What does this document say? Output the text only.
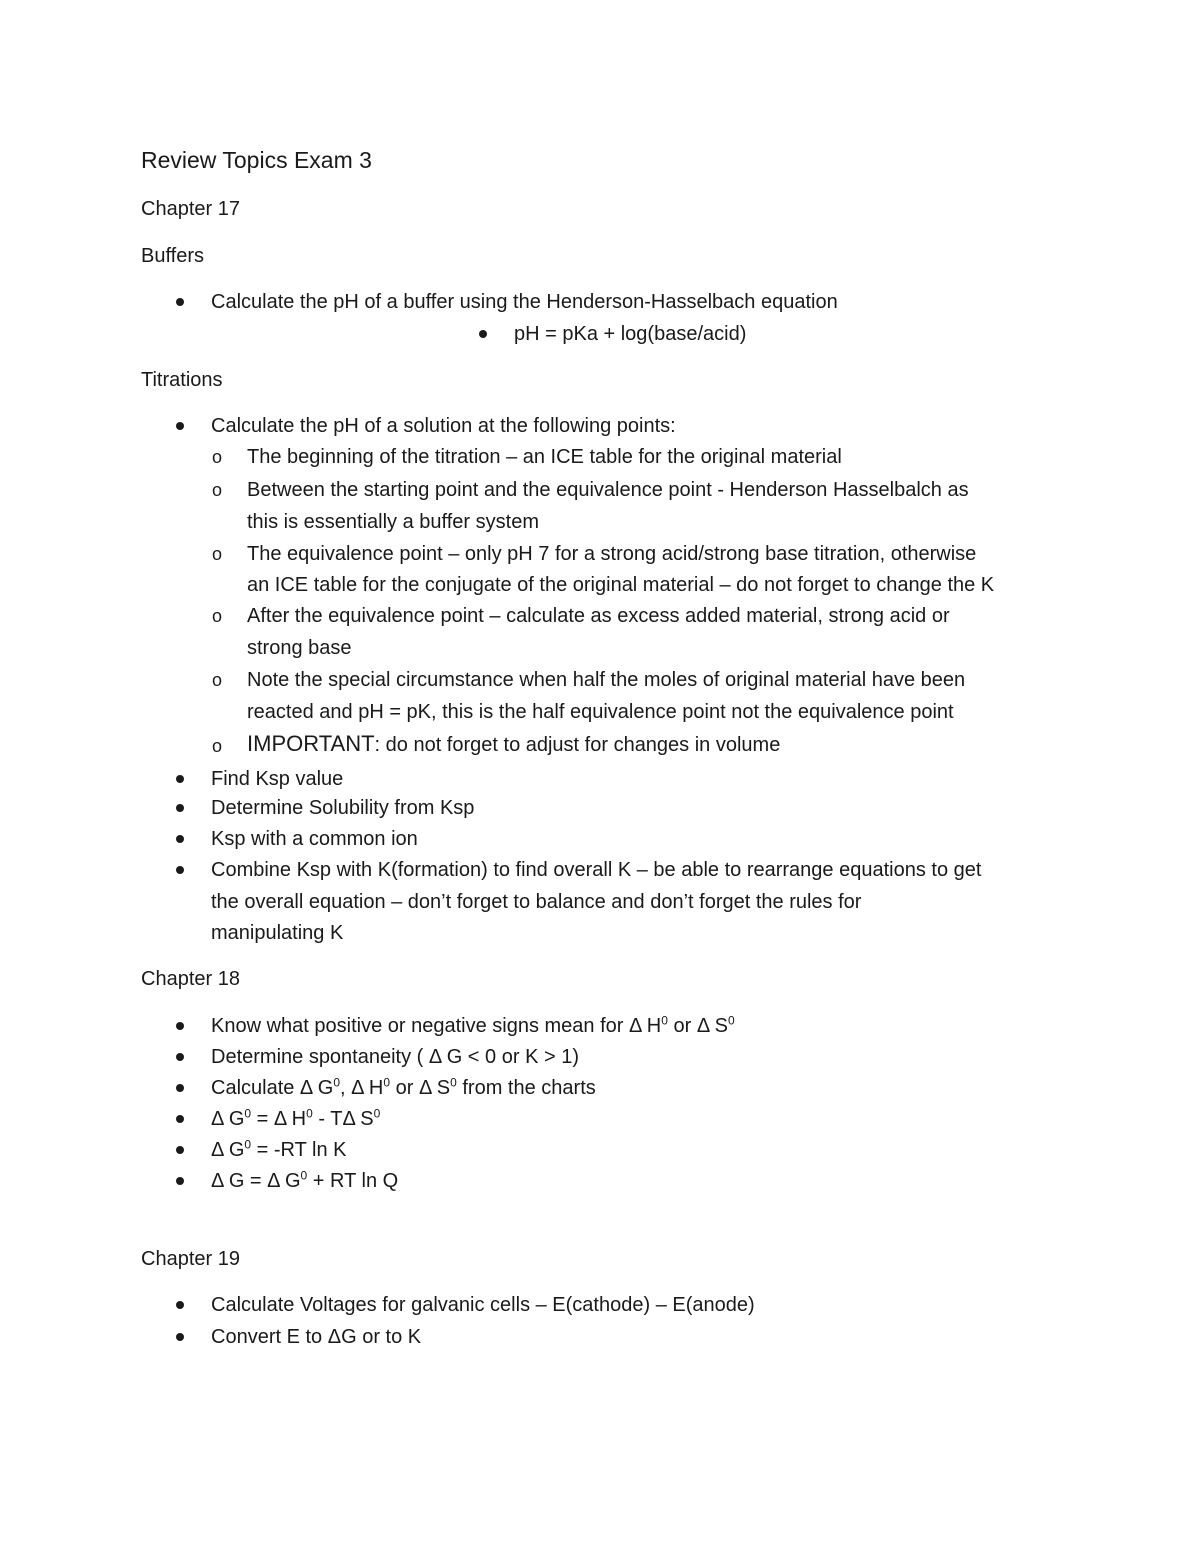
Review Topics Exam 3
Chapter 17
Buffers
Calculate the pH of a buffer using the Henderson-Hasselbach equation
pH = pKa + log(base/acid)
Titrations
Calculate the pH of a solution at the following points:
o The beginning of the titration – an ICE table for the original material
o Between the starting point and the equivalence point - Henderson Hasselbalch as
this is essentially a buffer system
o The equivalence point – only pH 7 for a strong acid/strong base titration, otherwise
an ICE table for the conjugate of the original material – do not forget to change the K
o After the equivalence point – calculate as excess added material, strong acid or
strong base
o Note the special circumstance when half the moles of original material have been
reacted and pH = pK, this is the half equivalence point not the equivalence point
o IMPORTANT: do not forget to adjust for changes in volume
Find Ksp value
Determine Solubility from Ksp
Ksp with a common ion
Combine Ksp with K(formation) to find overall K – be able to rearrange equations to get
the overall equation – don’t forget to balance and don’t forget the rules for
manipulating K
Chapter 18
Know what positive or negative signs mean for Δ $H^0$ or Δ $S^0$
Determine spontaneity ( Δ G < 0 or K > 1)
Calculate Δ $G^0$, Δ $H^0$ or Δ $S^0$ from the charts
Δ $G^0 = \Delta$ $H^0$ - TΔ $S^0$
Δ $G^0 = -RT$ ln K
Δ G = Δ $G^0$ + RT ln Q
Chapter 19
Calculate Voltages for galvanic cells – E(cathode) – E(anode)
Convert E to ΔG or to K
